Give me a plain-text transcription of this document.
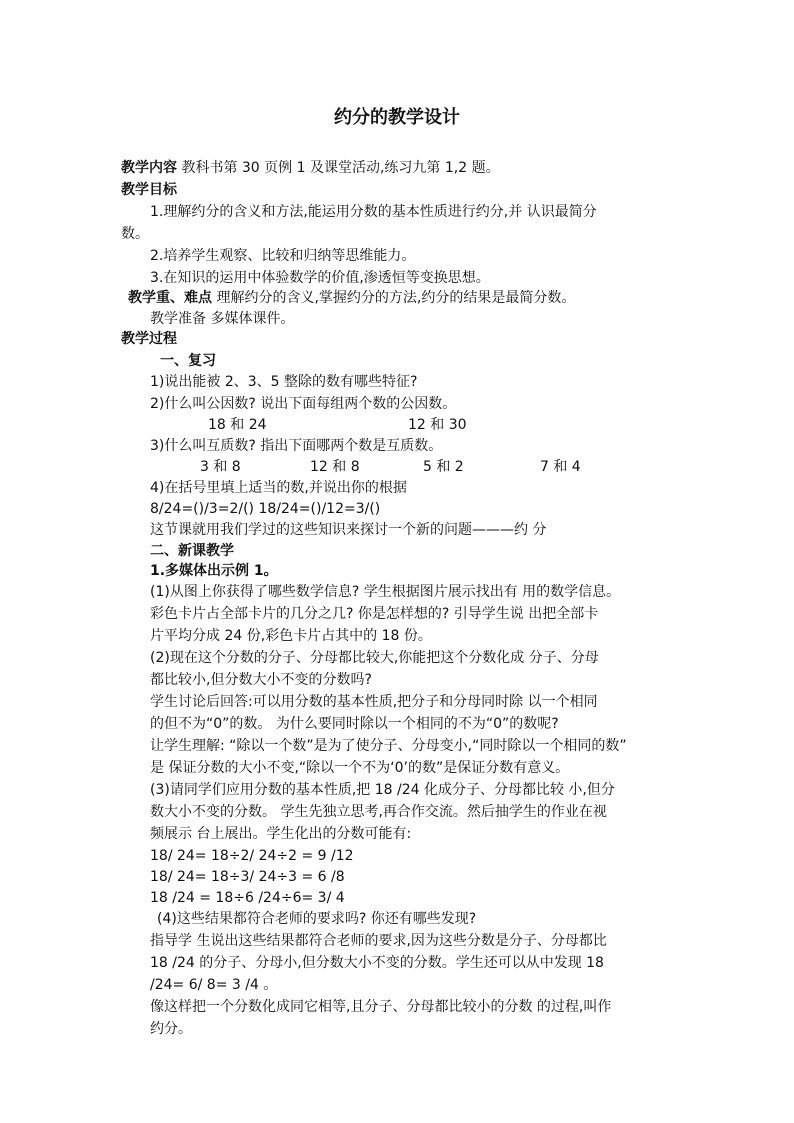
约分的教学设计
教学内容 教科书第 30 页例 1 及课堂活动,练习九第 1,2 题。
教学目标
1.理解约分的含义和方法,能运用分数的基本性质进行约分,并 认识最简分
数。
2.培养学生观察、比较和归纳等思维能力。
3.在知识的运用中体验数学的价值,渗透恒等变换思想。
教学重、难点 理解约分的含义,掌握约分的方法,约分的结果是最简分数。
教学准备 多媒体课件。
教学过程
一、复习
1)说出能被 2、3、5 整除的数有哪些特征?
2)什么叫公因数? 说出下面每组两个数的公因数。
18 和 24	12 和 30
3)什么叫互质数? 指出下面哪两个数是互质数。
3 和 8	12 和 8	5 和 2	7 和 4
4)在括号里填上适当的数,并说出你的根据
8/24=()/3=2/() 18/24=()/12=3/()
这节课就用我们学过的这些知识来探讨一个新的问题———约 分
二、新课教学
1.多媒体出示例 1。
(1)从图上你获得了哪些数学信息? 学生根据图片展示找出有 用的数学信息。
彩色卡片占全部卡片的几分之几? 你是怎样想的? 引导学生说 出把全部卡
片平均分成 24 份,彩色卡片占其中的 18 份。
(2)现在这个分数的分子、分母都比较大,你能把这个分数化成 分子、分母
都比较小,但分数大小不变的分数吗?
学生讨论后回答:可以用分数的基本性质,把分子和分母同时除 以一个相同
的但不为“0”的数。 为什么要同时除以一个相同的不为“0”的数呢?
让学生理解: “除以一个数”是为了使分子、分母变小,“同时除以一个相同的数”
是 保证分数的大小不变,“除以一个不为‘0’的数”是保证分数有意义。
(3)请同学们应用分数的基本性质,把 18 /24 化成分子、分母都比较 小,但分
数大小不变的分数。 学生先独立思考,再合作交流。然后抽学生的作业在视
频展示 台上展出。学生化出的分数可能有:
18/ 24= 18÷2/ 24÷2 = 9 /12
18/ 24= 18÷3/ 24÷3 = 6 /8
18 /24 = 18÷6 /24÷6= 3/ 4
(4)这些结果都符合老师的要求吗? 你还有哪些发现?
指导学 生说出这些结果都符合老师的要求,因为这些分数是分子、分母都比
18 /24 的分子、分母小,但分数大小不变的分数。学生还可以从中发现 18
/24= 6/ 8= 3 /4 。
像这样把一个分数化成同它相等,且分子、分母都比较小的分数 的过程,叫作
约分。
